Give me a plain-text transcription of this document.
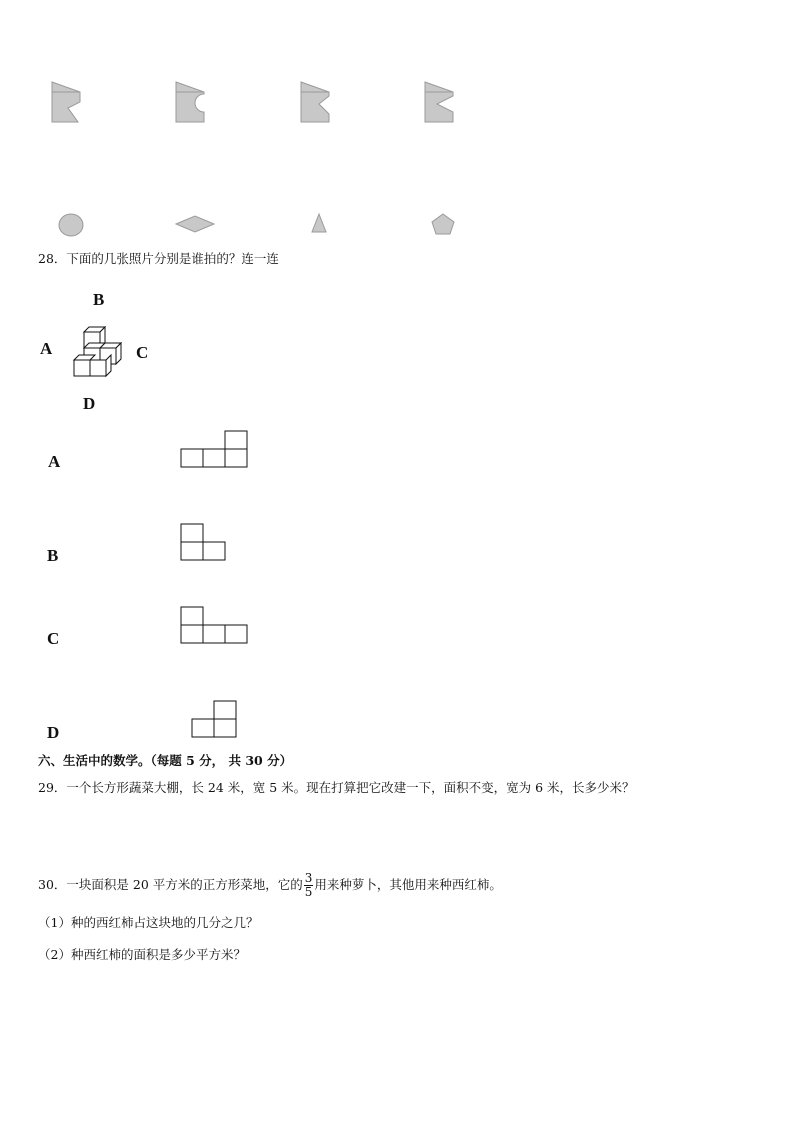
28．下面的几张照片分别是谁拍的？连一连
B
A	C
D
A
B
C
D
六、生活中的数学。（每题 5 分， 共 30 分）
29．一个长方形蔬菜大棚，长 24 米，宽 5 米。现在打算把它改建一下，面积不变，宽为 6 米，长多少米？
30．一块面积是 20 平方米的正方形菜地，它的 $\frac{3}{5}$ 用来种萝卜，其他用来种西红柿。
（1）种的西红柿占这块地的几分之几？
（2）种西红柿的面积是多少平方米？
